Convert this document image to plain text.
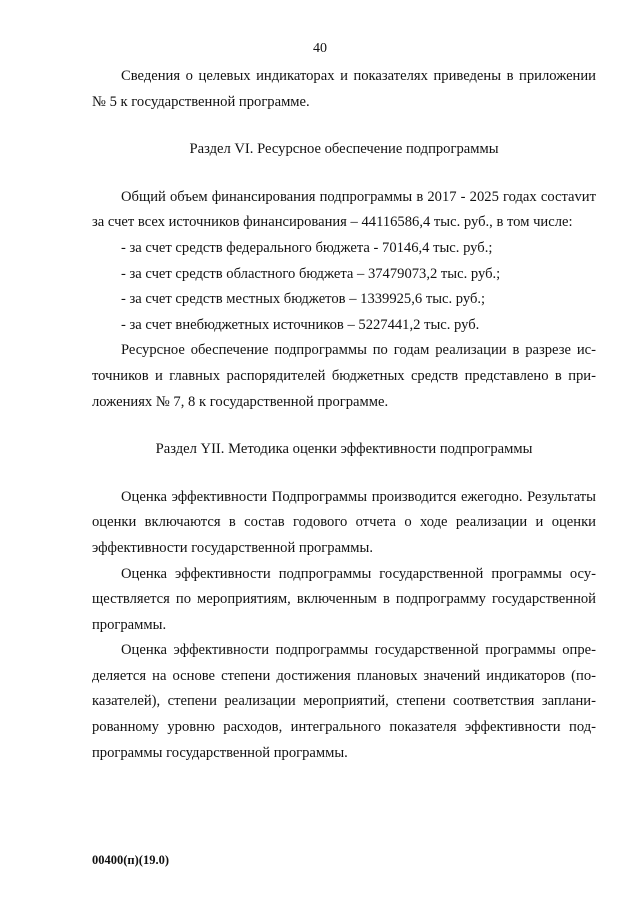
40

Сведения о целевых индикаторах и показателях приведены в приложении № 5 к государственной программе.

Раздел VI. Ресурсное обеспечение подпрограммы

Общий объем финансирования подпрограммы в 2017 - 2025 годах состаvит за счет всех источников финансирования – 44116586,4 тыс. руб., в том числе:

- за счет средств федерального бюджета - 70146,4 тыс. руб.;

- за счет средств областного бюджета – 37479073,2 тыс. руб.;

- за счет средств местных бюджетов – 1339925,6 тыс. руб.;

- за счет внебюджетных источников – 5227441,2 тыс. руб.

Ресурсное обеспечение подпрограммы по годам реализации в разрезе источников и главных распорядителей бюджетных средств представлено в приложениях № 7, 8 к государственной программе.

Раздел YII. Методика оценки эффективности подпрограммы

Оценка эффективности Подпрограммы производится ежегодно. Результаты оценки включаются в состав годового отчета о ходе реализации и оценки эффективности государственной программы.

Оценка эффективности подпрограммы государственной программы осуществляется по мероприятиям, включенным в подпрограмму государственной программы.

Оценка эффективности подпрограммы государственной программы определяется на основе степени достижения плановых значений индикаторов (показателей), степени реализации мероприятий, степени соответствия запланированному уровню расходов, интегрального показателя эффективности подпрограммы государственной программы.

00400(п)(19.0)
